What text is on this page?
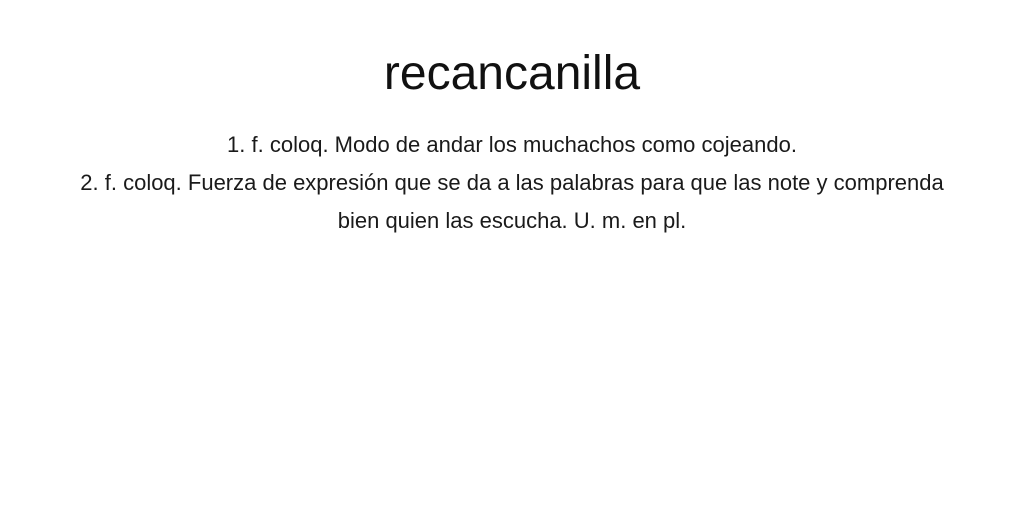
recancanilla
1. f. coloq. Modo de andar los muchachos como cojeando.
2. f. coloq. Fuerza de expresión que se da a las palabras para que las note y comprenda bien quien las escucha. U. m. en pl.
